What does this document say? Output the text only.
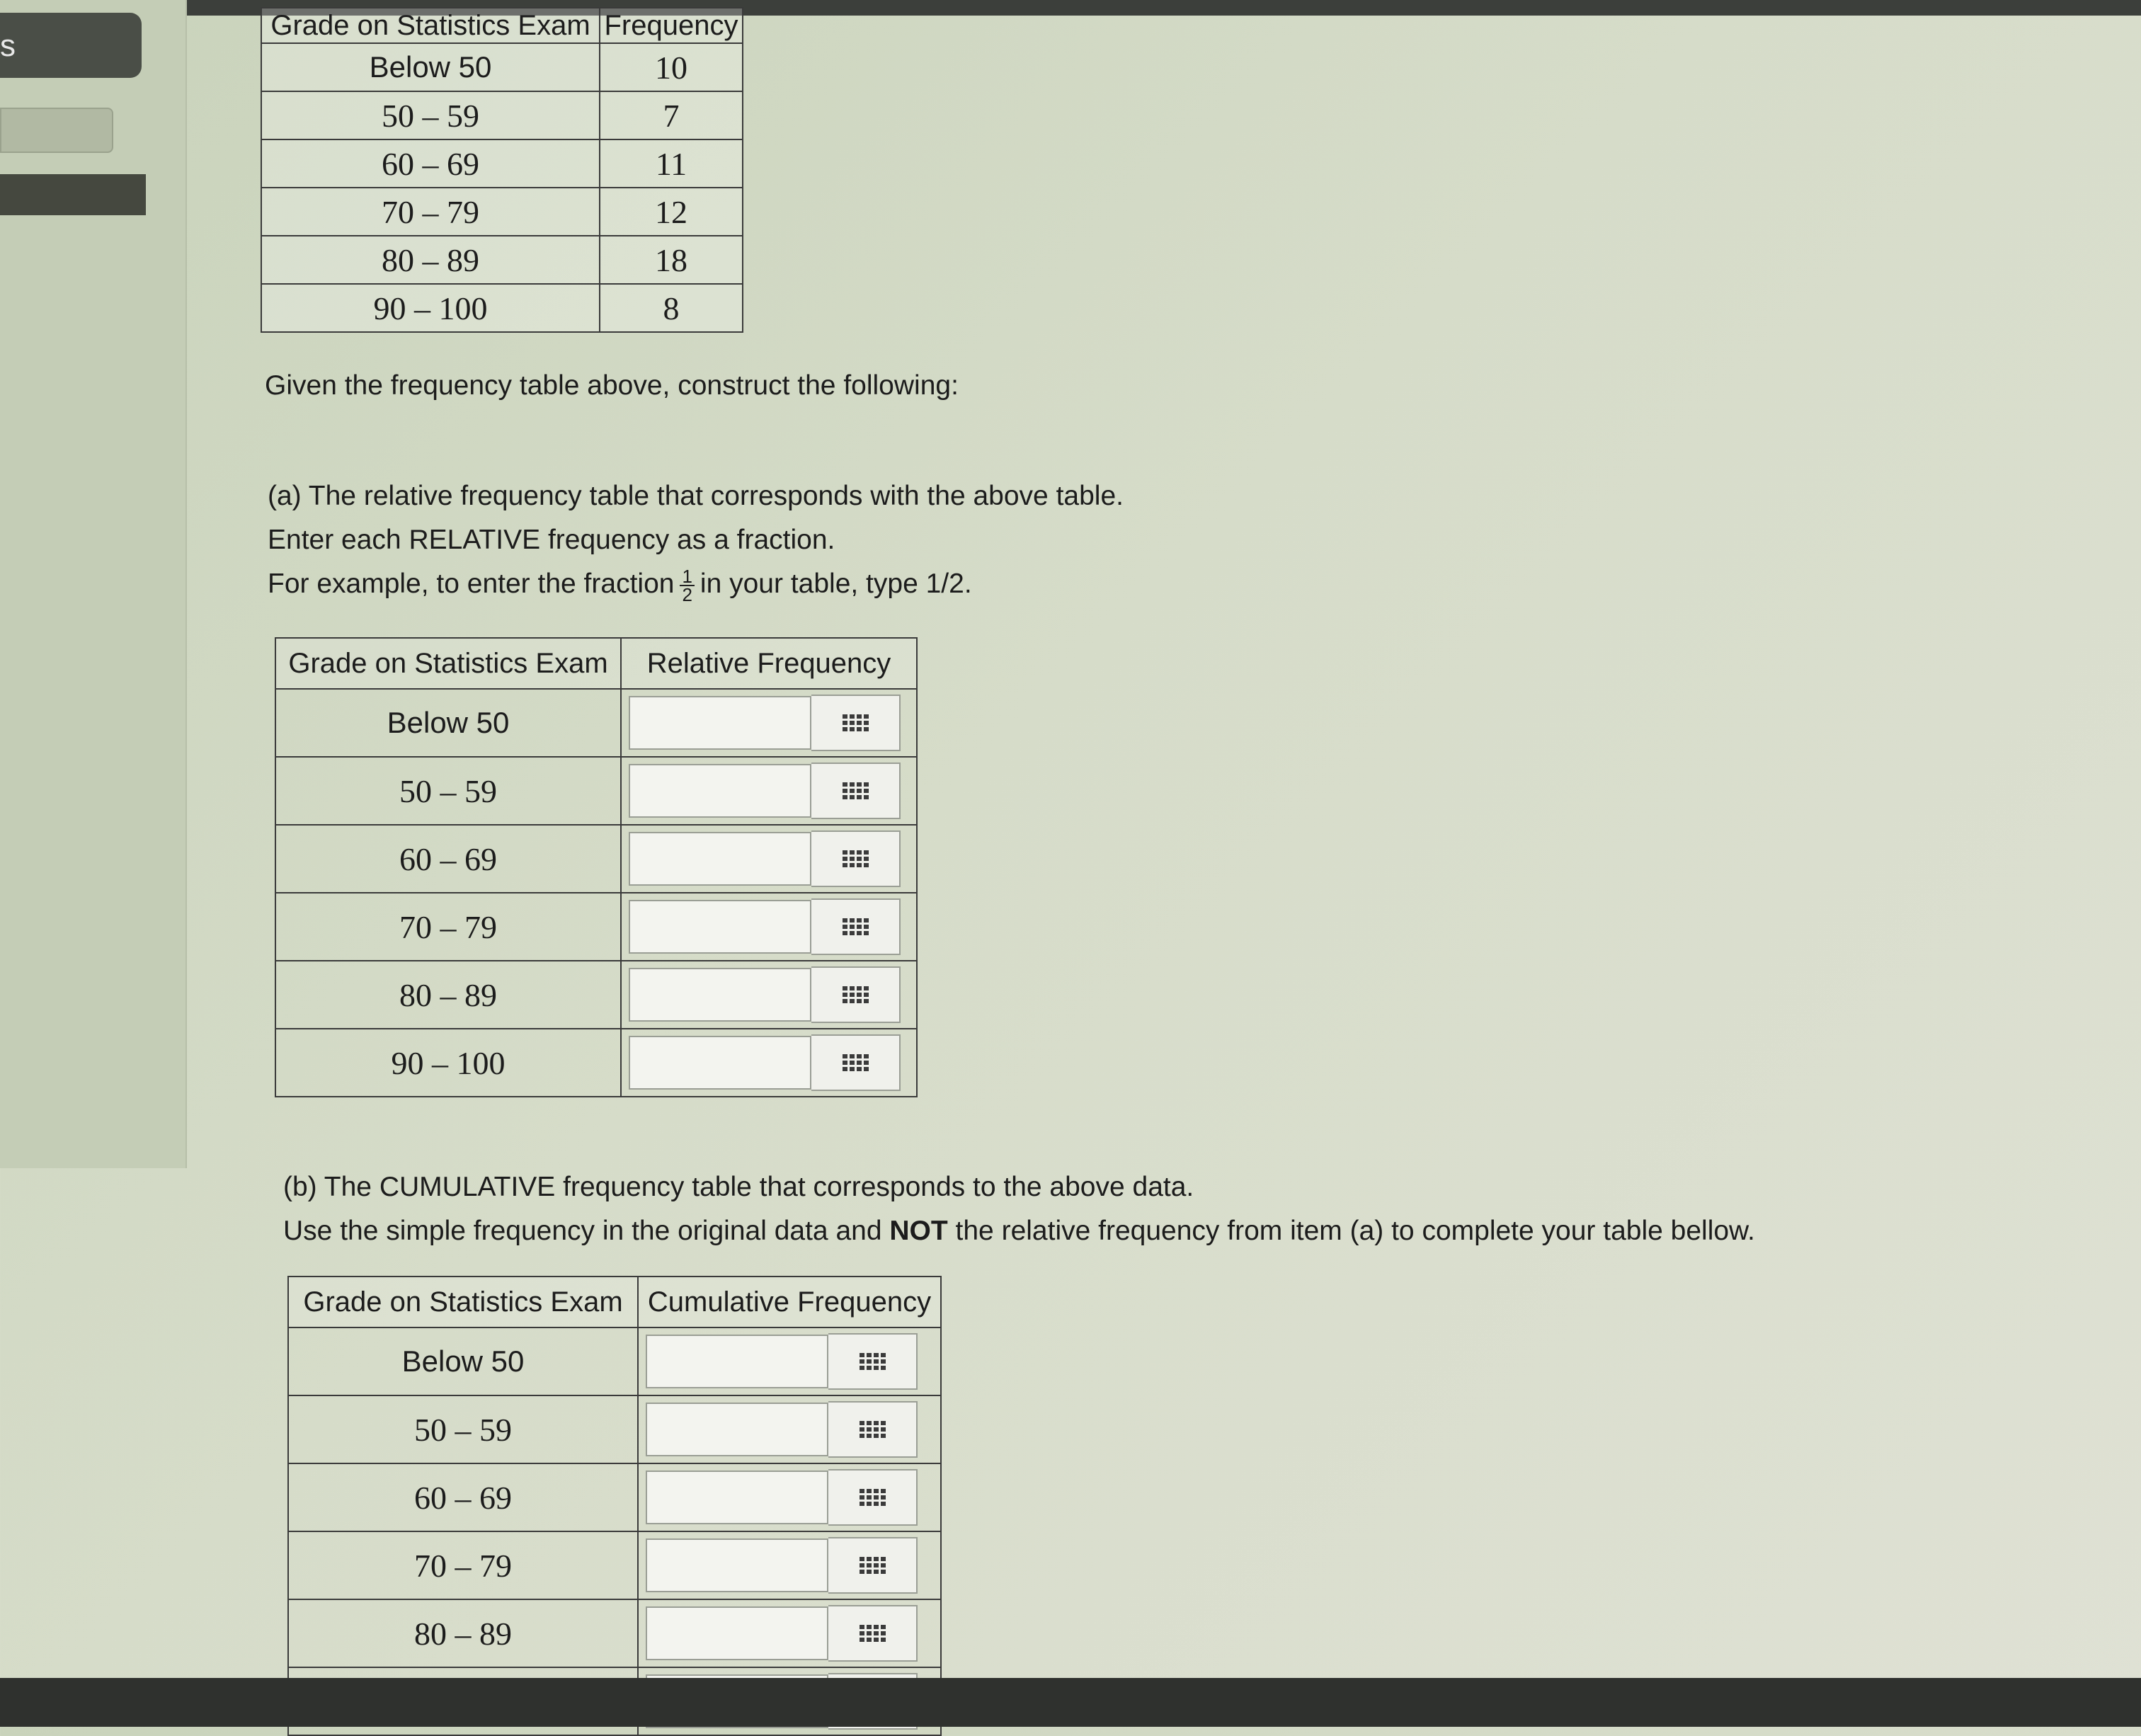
s
Grade on Statistics Exam	Frequency
Below 50	10
50 – 59	7
60 – 69	11
70 – 79	12
80 – 89	18
90 – 100	8
Given the frequency table above, construct the following:
(a) The relative frequency table that corresponds with the above table.
Enter each RELATIVE frequency as a fraction.
For example, to enter the fraction $\frac{1}{2}$ in your table, type 1/2.
Grade on Statistics Exam	Relative Frequency
Below 50	

50 – 59	

60 – 69	

70 – 79	

80 – 89	

90 – 100	
(b) The CUMULATIVE frequency table that corresponds to the above data.
Use the simple frequency in the original data and NOT the relative frequency from item (a) to complete your table bellow.
Grade on Statistics Exam	Cumulative Frequency
Below 50	

50 – 59	

60 – 69	

70 – 79	

80 – 89	
